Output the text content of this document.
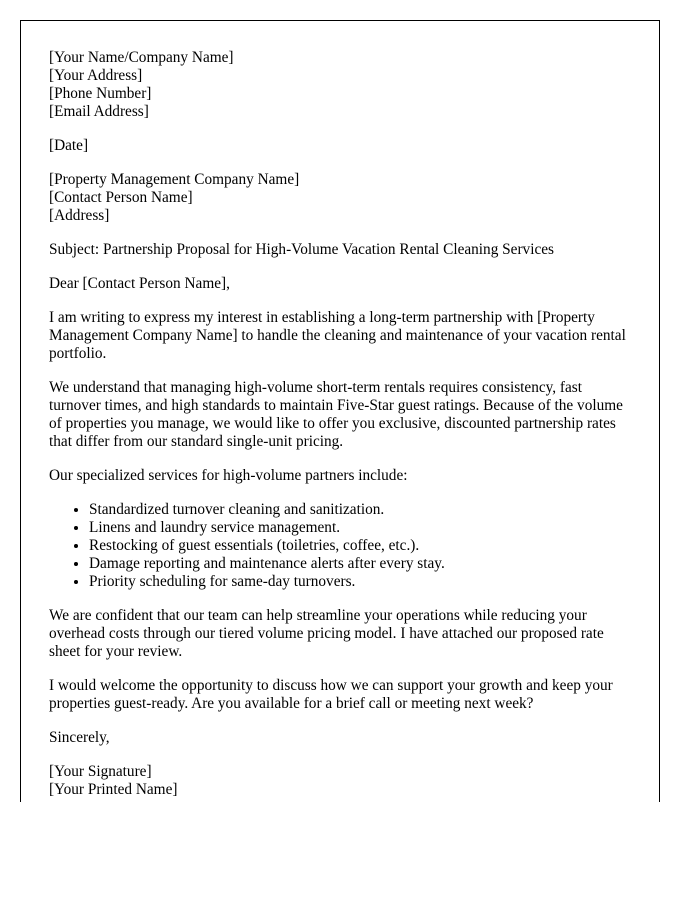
[Your Name/Company Name]
[Your Address]
[Phone Number]
[Email Address]

[Date]

[Property Management Company Name]
[Contact Person Name]
[Address]

Subject: Partnership Proposal for High-Volume Vacation Rental Cleaning Services

Dear [Contact Person Name],

I am writing to express my interest in establishing a long-term partnership with [Property Management Company Name] to handle the cleaning and maintenance of your vacation rental portfolio.

We understand that managing high-volume short-term rentals requires consistency, fast turnover times, and high standards to maintain Five-Star guest ratings. Because of the volume of properties you manage, we would like to offer you exclusive, discounted partnership rates that differ from our standard single-unit pricing.

Our specialized services for high-volume partners include:

• Standardized turnover cleaning and sanitization.
• Linens and laundry service management.
• Restocking of guest essentials (toiletries, coffee, etc.).
• Damage reporting and maintenance alerts after every stay.
• Priority scheduling for same-day turnovers.

We are confident that our team can help streamline your operations while reducing your overhead costs through our tiered volume pricing model. I have attached our proposed rate sheet for your review.

I would welcome the opportunity to discuss how we can support your growth and keep your properties guest-ready. Are you available for a brief call or meeting next week?

Sincerely,

[Your Signature]
[Your Printed Name]
